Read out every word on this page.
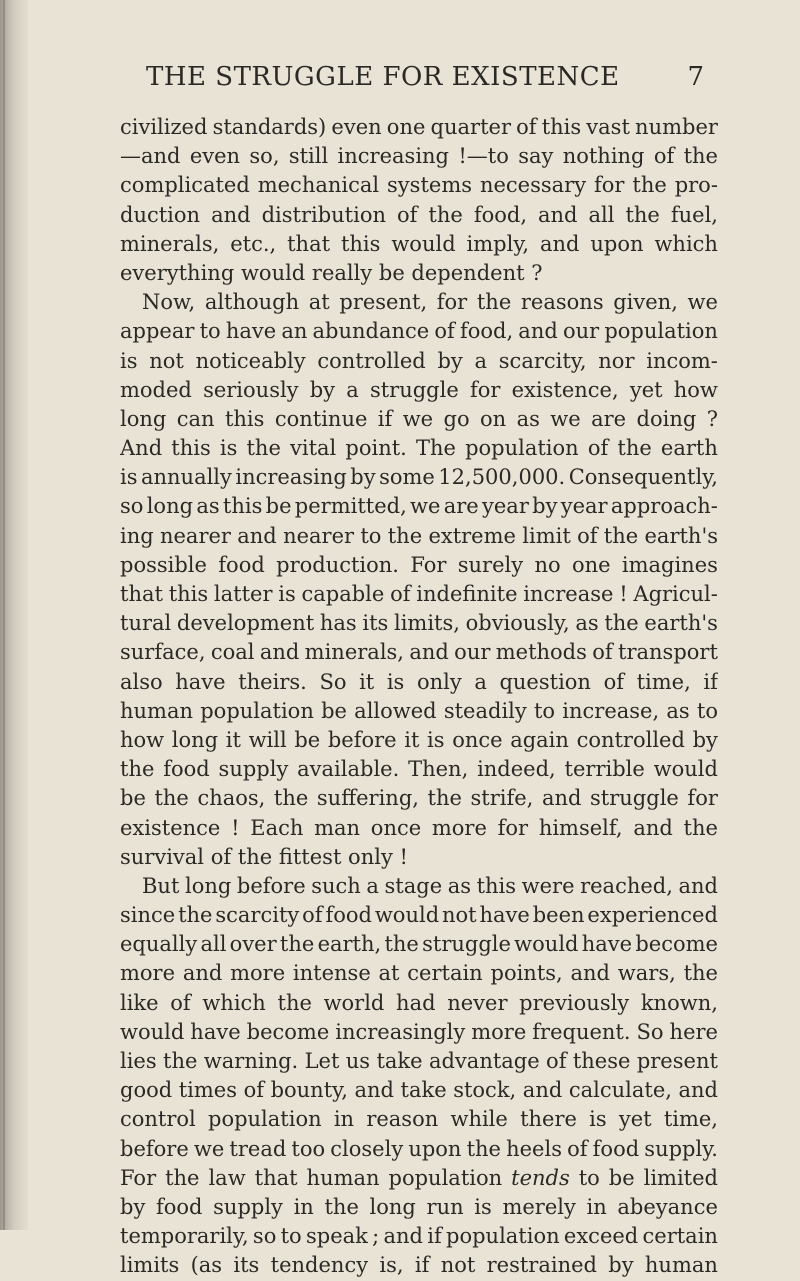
THE STRUGGLE FOR EXISTENCE	7
civilized standards) even one quarter of this vast number
—and even so, still increasing !—to say nothing of the
complicated mechanical systems necessary for the pro-
duction and distribution of the food, and all the fuel,
minerals, etc., that this would imply, and upon which
everything would really be dependent ?
Now, although at present, for the reasons given, we
appear to have an abundance of food, and our population
is not noticeably controlled by a scarcity, nor incom-
moded seriously by a struggle for existence, yet how
long can this continue if we go on as we are doing ?
And this is the vital point. The population of the earth
is annually increasing by some 12,500,000. Consequently,
so long as this be permitted, we are year by year approach-
ing nearer and nearer to the extreme limit of the earth's
possible food production. For surely no one imagines
that this latter is capable of indefinite increase ! Agricul-
tural development has its limits, obviously, as the earth's
surface, coal and minerals, and our methods of transport
also have theirs. So it is only a question of time, if
human population be allowed steadily to increase, as to
how long it will be before it is once again controlled by
the food supply available. Then, indeed, terrible would
be the chaos, the suffering, the strife, and struggle for
existence ! Each man once more for himself, and the
survival of the fittest only !
But long before such a stage as this were reached, and
since the scarcity of food would not have been experienced
equally all over the earth, the struggle would have become
more and more intense at certain points, and wars, the
like of which the world had never previously known,
would have become increasingly more frequent. So here
lies the warning. Let us take advantage of these present
good times of bounty, and take stock, and calculate, and
control population in reason while there is yet time,
before we tread too closely upon the heels of food supply.
For the law that human population tends to be limited
by food supply in the long run is merely in abeyance
temporarily, so to speak ; and if population exceed certain
limits (as its tendency is, if not restrained by human
